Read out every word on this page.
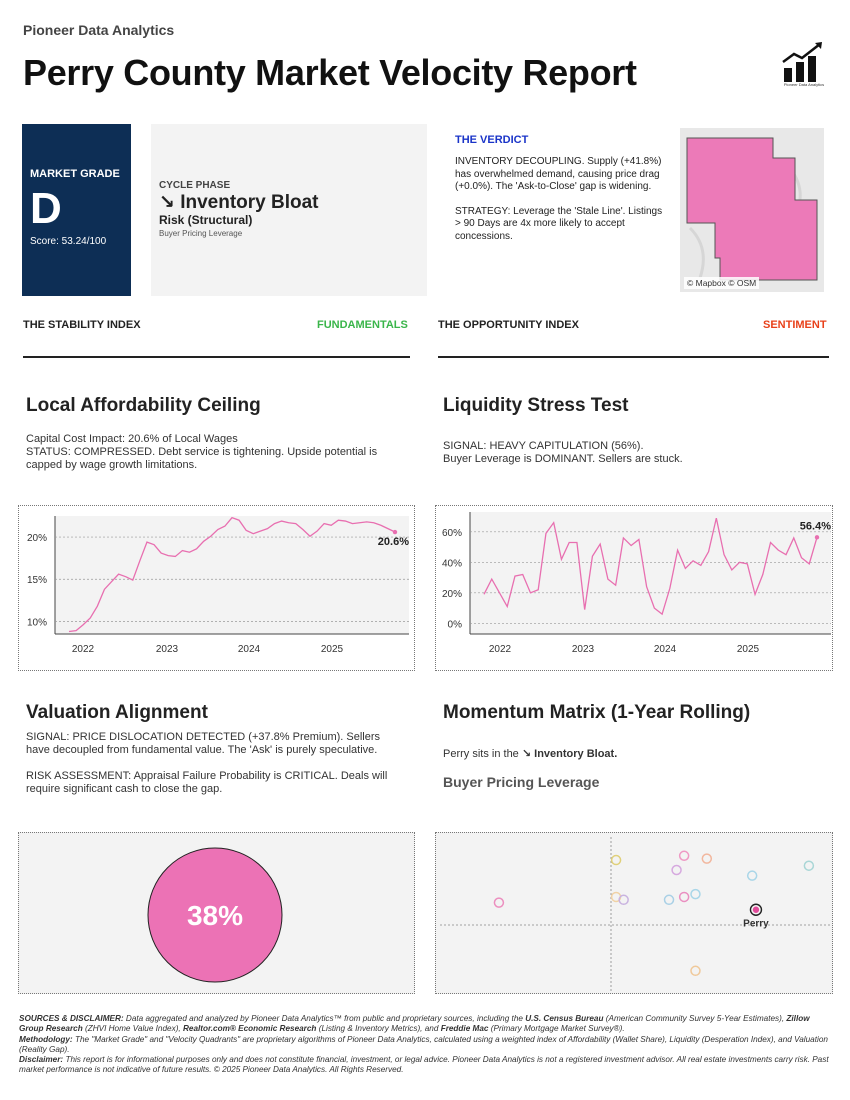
Pioneer Data Analytics
Perry County Market Velocity Report	Pioneer Data Analytics
MARKET GRADE
D
Score: 53.24/100
CYCLE PHASE
↘ Inventory Bloat
Risk (Structural)
Buyer Pricing Leverage
THE VERDICT

INVENTORY DECOUPLING. Supply (+41.8%) has overwhelmed demand, causing price drag (+0.0%). The 'Ask-to-Close' gap is widening.

STRATEGY: Leverage the 'Stale Line'. Listings > 90 Days are 4x more likely to accept concessions.

© Mapbox © OSM
THE STABILITY INDEX	FUNDAMENTALS	THE OPPORTUNITY INDEX	SENTIMENT
Local Affordability Ceiling
Capital Cost Impact: 20.6% of Local Wages
STATUS: COMPRESSED. Debt service is tightening. Upside potential is capped by wage growth limitations.
Liquidity Stress Test
SIGNAL: HEAVY CAPITULATION (56%).
Buyer Leverage is DOMINANT. Sellers are stuck.
10%
15%
20%
2022	2023	2024	2025
20.6%
0%
20%
40%
60%
2022	2023	2024	2025
56.4%
Valuation Alignment
SIGNAL: PRICE DISLOCATION DETECTED (+37.8% Premium). Sellers have decoupled from fundamental value. The 'Ask' is purely speculative.
RISK ASSESSMENT: Appraisal Failure Probability is CRITICAL. Deals will require significant cash to close the gap.
Momentum Matrix (1-Year Rolling)
Perry sits in the ↘ Inventory Bloat.
Buyer Pricing Leverage
38%	Perry
SOURCES & DISCLAIMER: Data aggregated and analyzed by Pioneer Data Analytics™ from public and proprietary sources, including the U.S. Census Bureau (American Community Survey 5-Year Estimates), Zillow Group Research (ZHVI Home Value Index), Realtor.com® Economic Research (Listing & Inventory Metrics), and Freddie Mac (Primary Mortgage Market Survey®).
Methodology: The "Market Grade" and "Velocity Quadrants" are proprietary algorithms of Pioneer Data Analytics, calculated using a weighted index of Affordability (Wallet Share), Liquidity (Desperation Index), and Valuation (Reality Gap).
Disclaimer: This report is for informational purposes only and does not constitute financial, investment, or legal advice. Pioneer Data Analytics is not a registered investment advisor. All real estate investments carry risk. Past market performance is not indicative of future results. © 2025 Pioneer Data Analytics. All Rights Reserved.
